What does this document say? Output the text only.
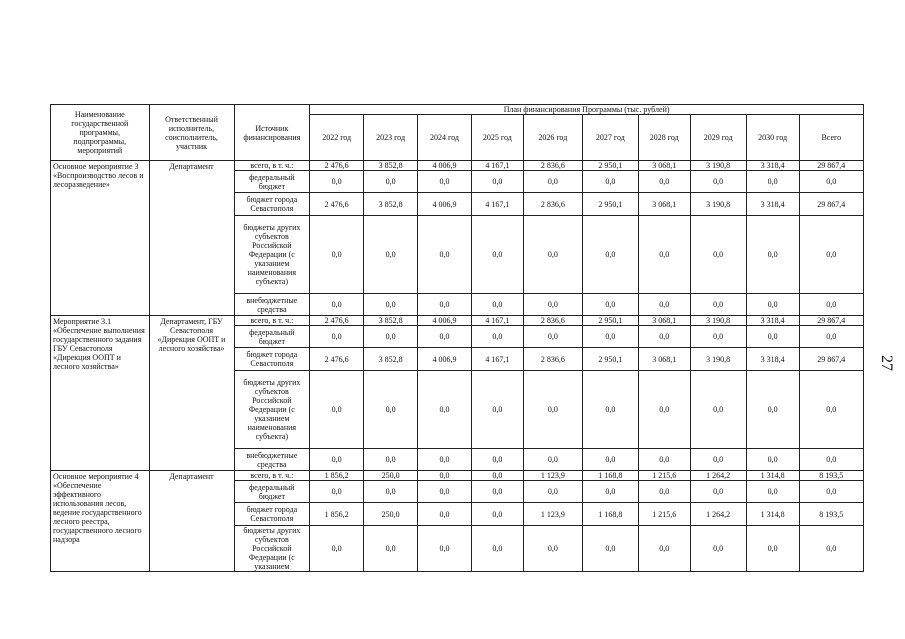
Наименование государственной программы, подпрограммы, мероприятий	Ответственный исполнитель, соисполнитель, участник	Источник финансирования	План финансирования Программы (тыс. рублей)									
			2022 год	2023 год	2024 год	2025 год	2026 год	2027 год	2028 год	2029 год	2030 год	Всего
Основное мероприятие 3 «Воспроизводство лесов и лесоразведение»	Департамент	всего, в т. ч.:	2 476,6	3 852,8	4 006,9	4 167,1	2 836,6	2 950,1	3 068,1	3 190,8	3 318,4	29 867,4
		федеральный бюджет	0,0	0,0	0,0	0,0	0,0	0,0	0,0	0,0	0,0	0,0
		бюджет города Севастополя	2 476,6	3 852,8	4 006,9	4 167,1	2 836,6	2 950,1	3 068,1	3 190,8	3 318,4	29 867,4
		бюджеты других субъектов Российской Федерации (с указанием наименования субъекта)	0,0	0,0	0,0	0,0	0,0	0,0	0,0	0,0	0,0	0,0
		внебюджетные средства	0,0	0,0	0,0	0,0	0,0	0,0	0,0	0,0	0,0	0,0
Мероприятие 3.1 «Обеспечение выполнения государственного задания ГБУ Севастополя «Дирекция ООПТ и лесного хозяйства»	Департамент, ГБУ Севастополя «Дирекция ООПТ и лесного хозяйства»	всего, в т. ч.:	2 476,6	3 852,8	4 006,9	4 167,1	2 836,6	2 950,1	3 068,1	3 190,8	3 318,4	29 867,4
		федеральный бюджет	0,0	0,0	0,0	0,0	0,0	0,0	0,0	0,0	0,0	0,0
		бюджет города Севастополя	2 476,6	3 852,8	4 006,9	4 167,1	2 836,6	2 950,1	3 068,1	3 190,8	3 318,4	29 867,4
		бюджеты других субъектов Российской Федерации (с указанием наименования субъекта)	0,0	0,0	0,0	0,0	0,0	0,0	0,0	0,0	0,0	0,0
		внебюджетные средства	0,0	0,0	0,0	0,0	0,0	0,0	0,0	0,0	0,0	0,0
Основное мероприятие 4 «Обеспечение эффективного использования лесов, ведение государственного лесного реестра, государственного лесного надзора	Департамент	всего, в т. ч.:	1 856,2	250,0	0,0	0,0	1 123,9	1 168,8	1 215,6	1 264,2	1 314,8	8 193,5
		федеральный бюджет	0,0	0,0	0,0	0,0	0,0	0,0	0,0	0,0	0,0	0,0
		бюджет города Севастополя	1 856,2	250,0	0,0	0,0	1 123,9	1 168,8	1 215,6	1 264,2	1 314,8	8 193,5
		бюджеты других субъектов Российской Федерации (с указанием	0,0	0,0	0,0	0,0	0,0	0,0	0,0	0,0	0,0	0,0
27
